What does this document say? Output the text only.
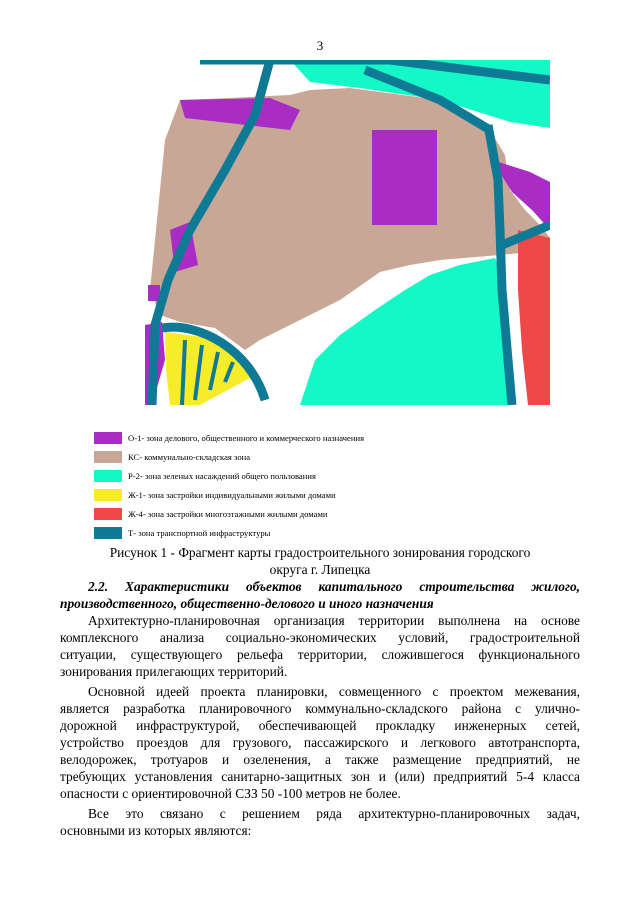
3
О-1- зона делового, общественного и коммерческого назначения
КС- коммунально-складская зона
Р-2- зона зеленых насаждений общего пользования
Ж-1- зона застройки индивидуальными жилыми домами
Ж-4- зона застройки многоэтажными жилыми домами
Т- зона транспортной инфраструктуры
Рисунок 1 - Фрагмент карты градостроительного зонирования городского
округа г. Липецка
2.2. Характеристики объектов капитального строительства жилого,
производственного, общественно-делового и иного назначения
Архитектурно-планировочная организация территории выполнена на основе
комплексного анализа социально-экономических условий, градостроительной
ситуации, существующего рельефа территории, сложившегося функционального
зонирования прилегающих территорий.
Основной идеей проекта планировки, совмещенного с проектом межевания,
является разработка планировочного коммунально-складского района с улично-
дорожной инфраструктурой, обеспечивающей прокладку инженерных сетей,
устройство проездов для грузового, пассажирского и легкового автотранспорта,
велодорожек, тротуаров и озеленения, а также размещение предприятий, не
требующих установления санитарно-защитных зон и (или) предприятий 5-4 класса
опасности с ориентировочной СЗЗ 50 -100 метров не более.
Все это связано с решением ряда архитектурно-планировочных задач,
основными из которых являются:
